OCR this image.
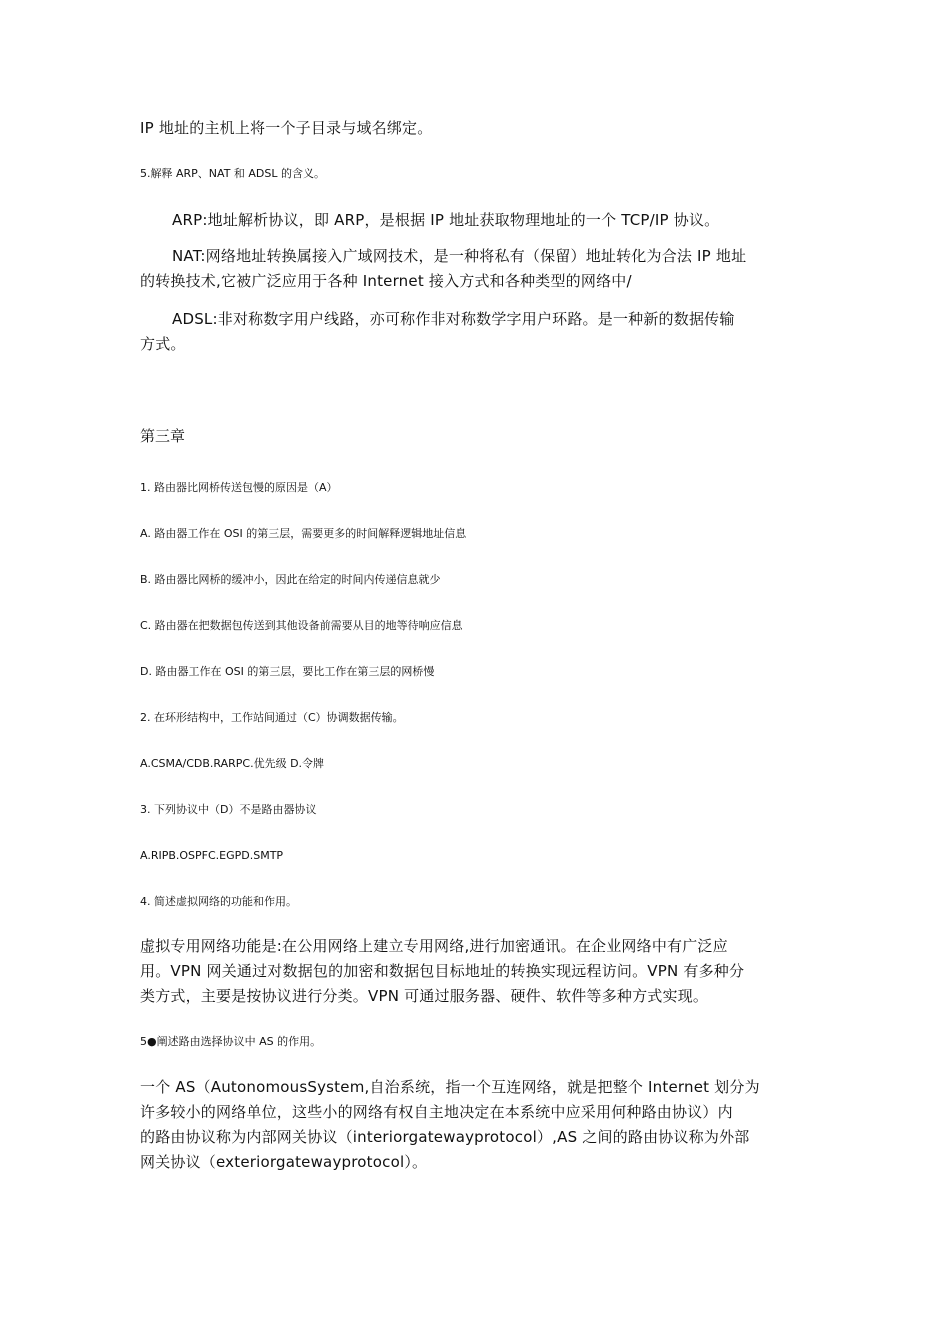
IP 地址的主机上将一个子目录与域名绑定。

5.解释 ARP、NAT 和 ADSL 的含义。

ARP:地址解析协议，即 ARP，是根据 IP 地址获取物理地址的一个 TCP/IP 协议。

NAT:网络地址转换属接入广域网技术，是一种将私有（保留）地址转化为合法 IP 地址

的转换技术,它被广泛应用于各种 Internet 接入方式和各种类型的网络中/

ADSL:非对称数字用户线路，亦可称作非对称数学字用户环路。是一种新的数据传输

方式。

第三章

1. 路由器比网桥传送包慢的原因是（A）

A. 路由器工作在 OSI 的第三层，需要更多的时间解释逻辑地址信息

B. 路由器比网桥的缓冲小，因此在给定的时间内传递信息就少

C. 路由器在把数据包传送到其他设备前需要从目的地等待响应信息

D. 路由器工作在 OSI 的第三层，要比工作在第三层的网桥慢

2. 在环形结构中，工作站间通过（C）协调数据传输。

A.CSMA/CDB.RARPC.优先级 D.令牌

3. 下列协议中（D）不是路由器协议

A.RIPB.OSPFC.EGPD.SMTP

4. 简述虚拟网络的功能和作用。

虚拟专用网络功能是:在公用网络上建立专用网络,进行加密通讯。在企业网络中有广泛应

用。VPN 网关通过对数据包的加密和数据包目标地址的转换实现远程访问。VPN 有多种分

类方式，主要是按协议进行分类。VPN 可通过服务器、硬件、软件等多种方式实现。

5●阐述路由选择协议中 AS 的作用。

一个 AS（AutonomousSystem,自治系统，指一个互连网络，就是把整个 Internet 划分为

许多较小的网络单位，这些小的网络有权自主地决定在本系统中应采用何种路由协议）内

的路由协议称为内部网关协议（interiorgatewayprotocol）,AS 之间的路由协议称为外部

网关协议（exteriorgatewayprotocol）。
